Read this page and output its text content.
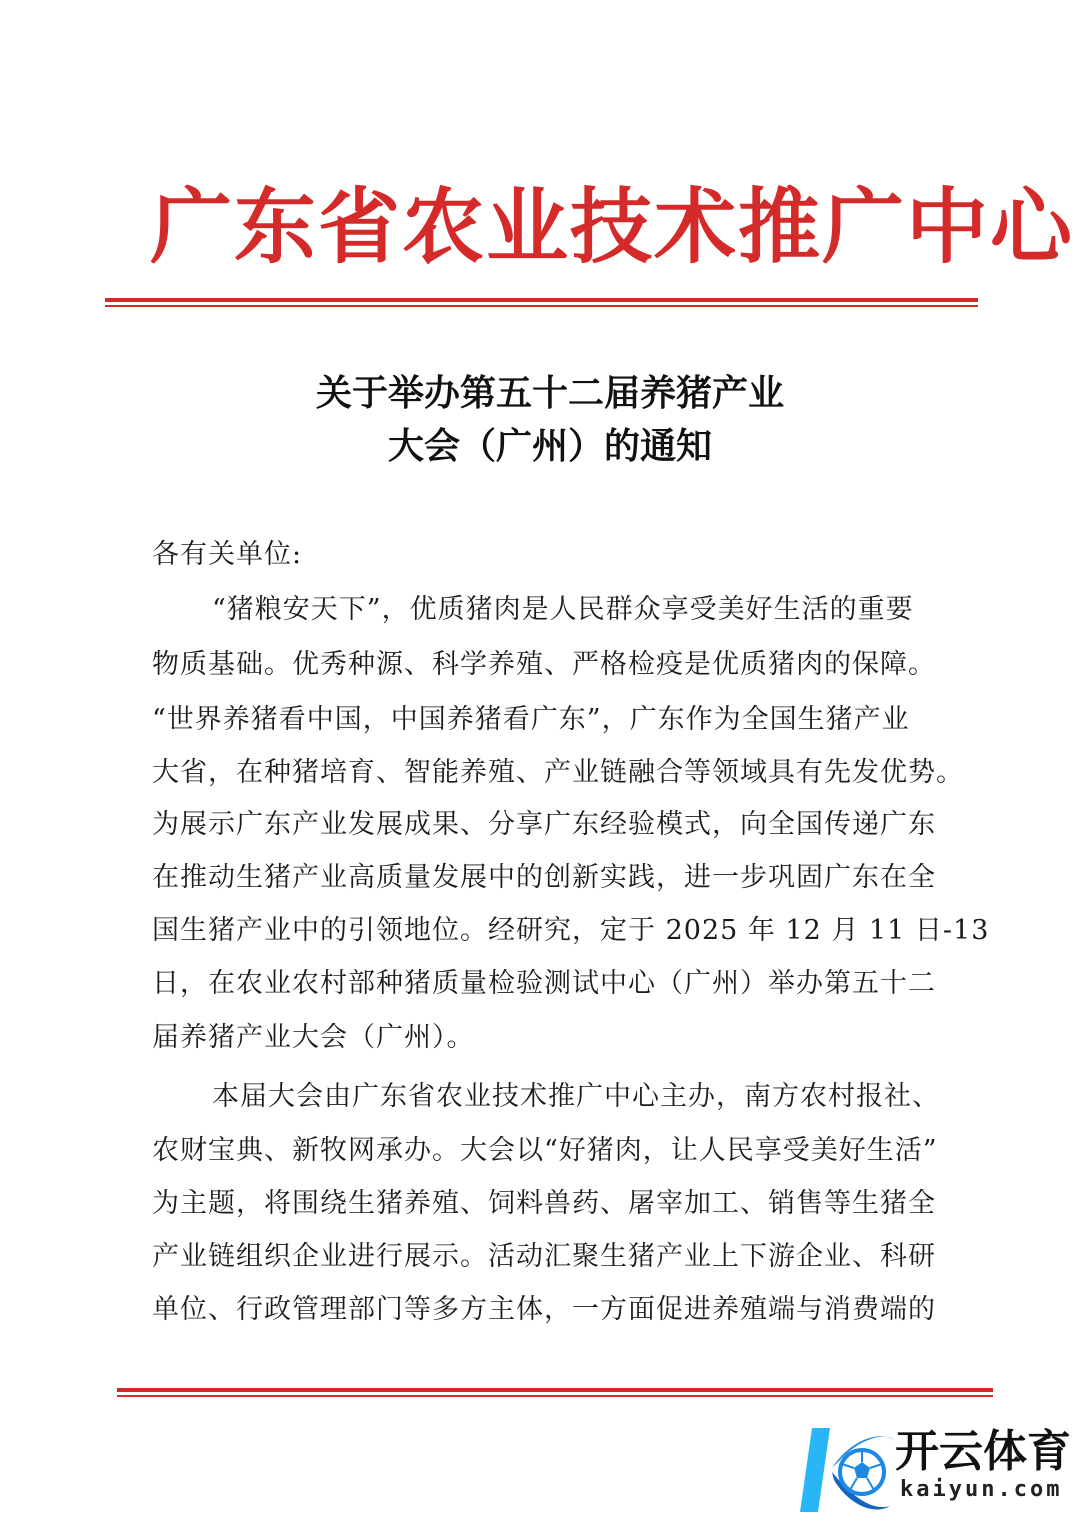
广东省农业技术推广中心
关于举办第五十二届养猪产业
大会（广州）的通知
各有关单位:
“猪粮安天下”，优质猪肉是人民群众享受美好生活的重要
物质基础。优秀种源、科学养殖、严格检疫是优质猪肉的保障。
“世界养猪看中国，中国养猪看广东”，广东作为全国生猪产业
大省，在种猪培育、智能养殖、产业链融合等领域具有先发优势。
为展示广东产业发展成果、分享广东经验模式，向全国传递广东
在推动生猪产业高质量发展中的创新实践，进一步巩固广东在全
国生猪产业中的引领地位。经研究，定于 2025 年 12 月 11 日-13
日，在农业农村部种猪质量检验测试中心（广州）举办第五十二
届养猪产业大会（广州）。
本届大会由广东省农业技术推广中心主办，南方农村报社、
农财宝典、新牧网承办。大会以“好猪肉，让人民享受美好生活”
为主题，将围绕生猪养殖、饲料兽药、屠宰加工、销售等生猪全
产业链组织企业进行展示。活动汇聚生猪产业上下游企业、科研
单位、行政管理部门等多方主体，一方面促进养殖端与消费端的
开云体育
kaiyun.com
